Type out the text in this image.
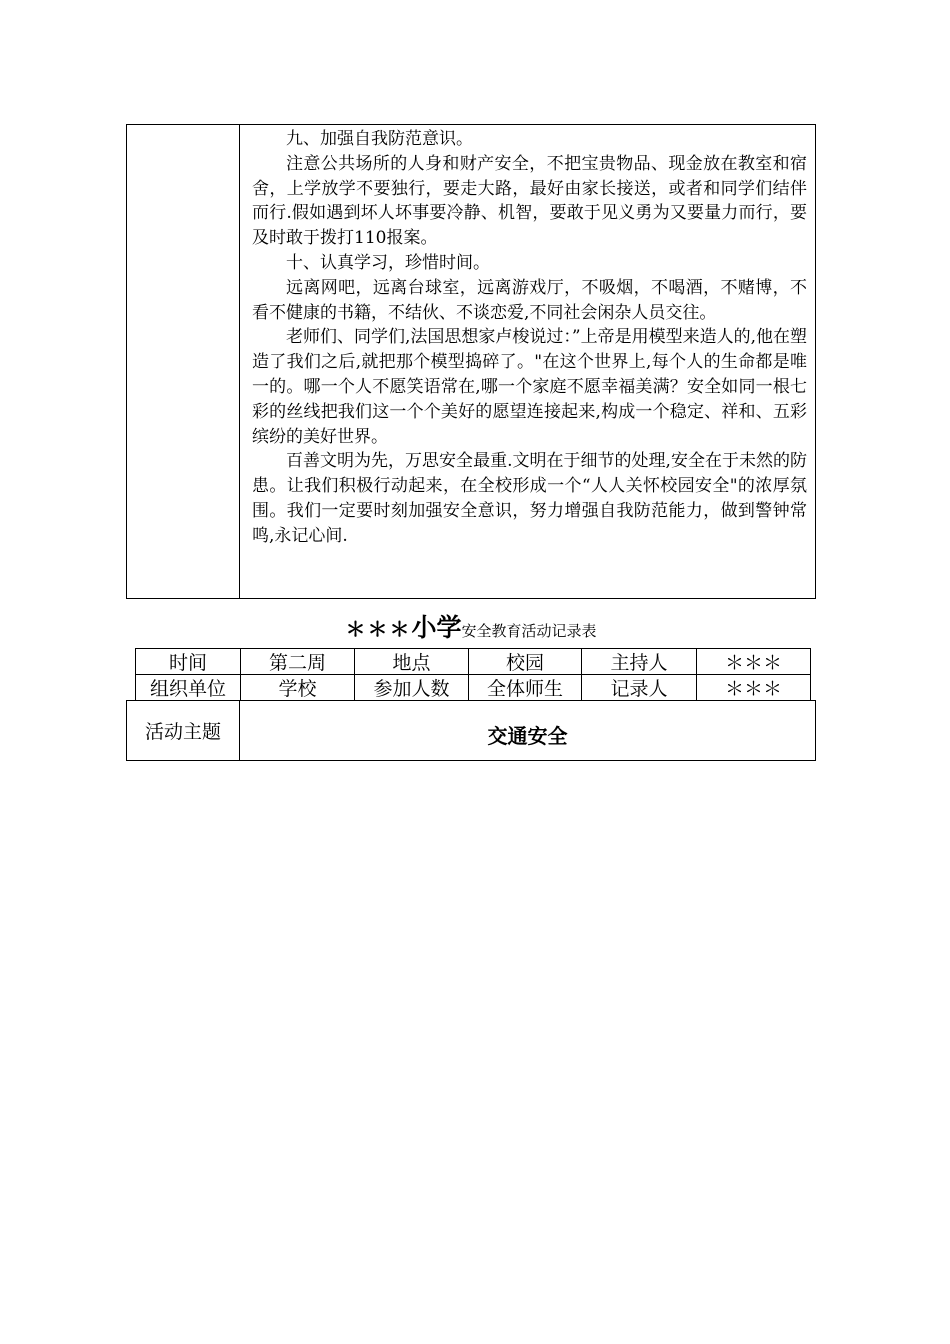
九、加强自我防范意识。

注意公共场所的人身和财产安全，不把宝贵物品、现金放在教室和宿舍，上学放学不要独行，要走大路，最好由家长接送，或者和同学们结伴而行.假如遇到坏人坏事要冷静、机智，要敢于见义勇为又要量力而行，要及时敢于拨打110报案。

十、认真学习，珍惜时间。

远离网吧，远离台球室，远离游戏厅，不吸烟，不喝酒，不赌博，不看不健康的书籍，不结伙、不谈恋爱,不同社会闲杂人员交往。

老师们、同学们,法国思想家卢梭说过：”上帝是用模型来造人的,他在塑造了我们之后,就把那个模型捣碎了。"在这个世界上,每个人的生命都是唯一的。哪一个人不愿笑语常在,哪一个家庭不愿幸福美满？安全如同一根七彩的丝线把我们这一个个美好的愿望连接起来,构成一个稳定、祥和、五彩缤纷的美好世界。

百善文明为先，万思安全最重.文明在于细节的处理,安全在于未然的防患。让我们积极行动起来，在全校形成一个“人人关怀校园安全"的浓厚氛围。我们一定要时刻加强安全意识，努力增强自我防范能力，做到警钟常鸣,永记心间.

＊＊＊小学安全教育活动记录表
时间	第二周	地点	校园	主持人	＊＊＊
组织单位	学校	参加人数	全体师生	记录人	＊＊＊
活动主题	交通安全
